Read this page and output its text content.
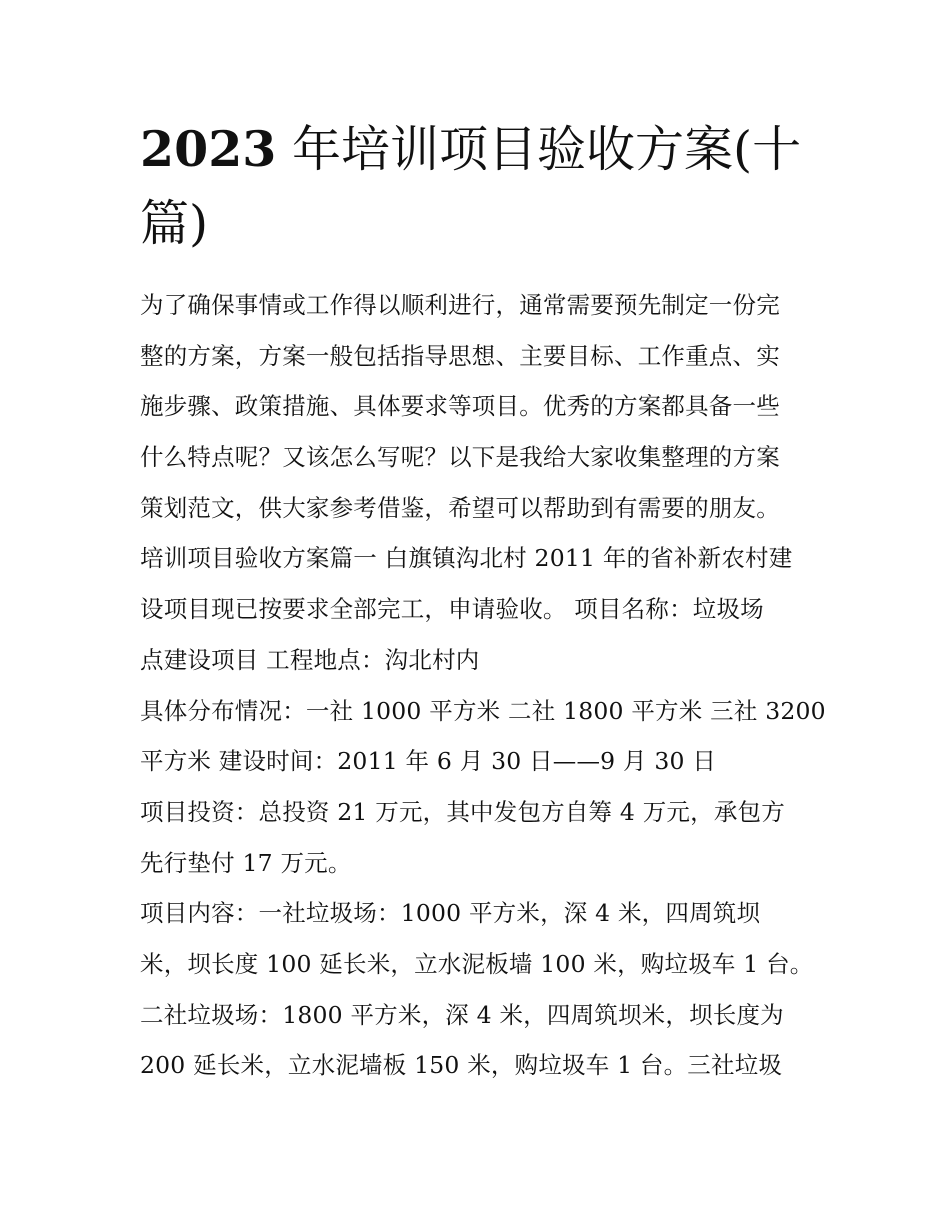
2023 年培训项目验收方案(十篇)
为了确保事情或工作得以顺利进行，通常需要预先制定一份完
整的方案，方案一般包括指导思想、主要目标、工作重点、实
施步骤、政策措施、具体要求等项目。优秀的方案都具备一些
什么特点呢？又该怎么写呢？以下是我给大家收集整理的方案
策划范文，供大家参考借鉴，希望可以帮助到有需要的朋友。
培训项目验收方案篇一 白旗镇沟北村 2011 年的省补新农村建
设项目现已按要求全部完工，申请验收。 项目名称：垃圾场
点建设项目 工程地点：沟北村内
具体分布情况：一社 1000 平方米 二社 1800 平方米 三社 3200
平方米 建设时间：2011 年 6 月 30 日——9 月 30 日
项目投资：总投资 21 万元，其中发包方自筹 4 万元，承包方
先行垫付 17 万元。
项目内容：一社垃圾场：1000 平方米，深 4 米，四周筑坝
米，坝长度 100 延长米，立水泥板墙 100 米，购垃圾车 1 台。
二社垃圾场：1800 平方米，深 4 米，四周筑坝米，坝长度为
200 延长米，立水泥墙板 150 米，购垃圾车 1 台。三社垃圾
